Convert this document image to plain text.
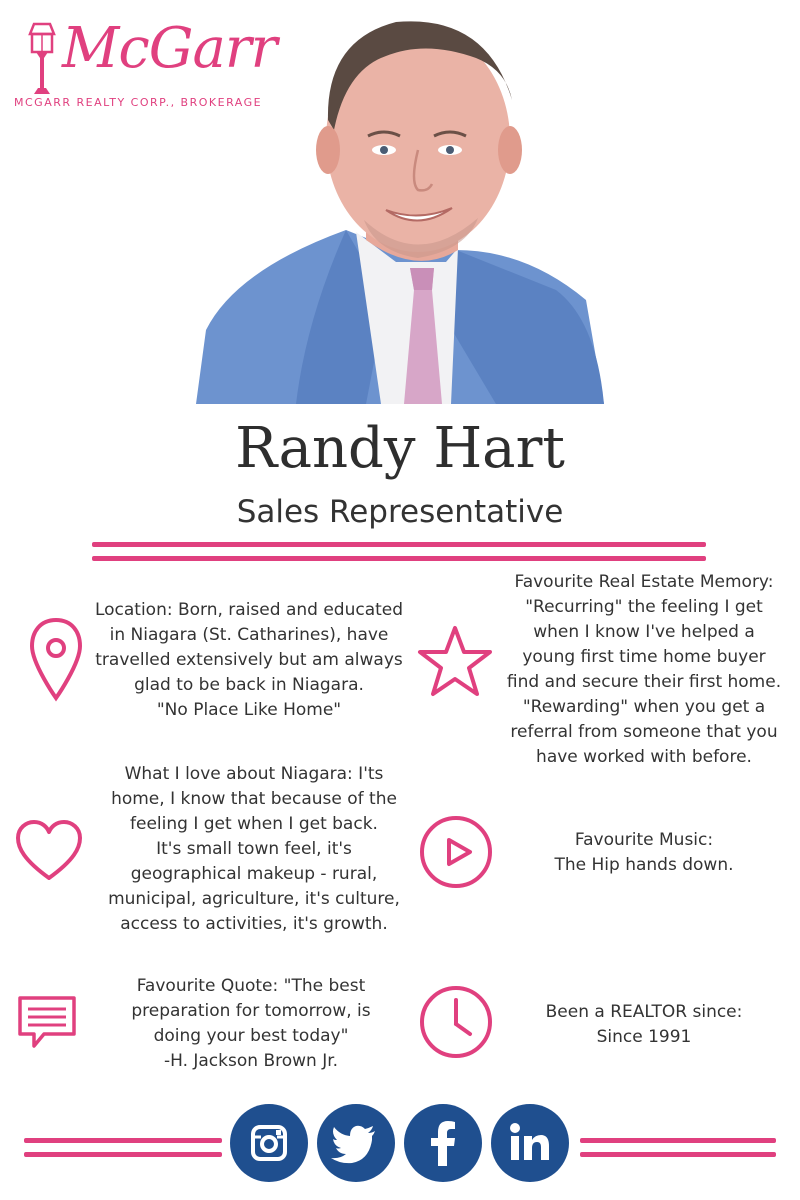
McGarr
MCGARR REALTY CORP., BROKERAGE
Randy Hart
Sales Representative
Location: Born, raised and educated
in Niagara (St. Catharines), have
travelled extensively but am always
glad to be back in Niagara.
"No Place Like Home"
Favourite Real Estate Memory:
"Recurring" the feeling I get
when I know I've helped a
young first time home buyer
find and secure their first home.
"Rewarding" when you get a
referral from someone that you
have worked with before.
What I love about Niagara: I'ts
home, I know that because of the
feeling I get when I get back.
It's small town feel, it's
geographical makeup - rural,
municipal, agriculture, it's culture,
access to activities, it's growth.
Favourite Music:
The Hip hands down.
Favourite Quote: "The best
preparation for tomorrow, is
doing your best today"
-H. Jackson Brown Jr.
Been a REALTOR since:
Since 1991
